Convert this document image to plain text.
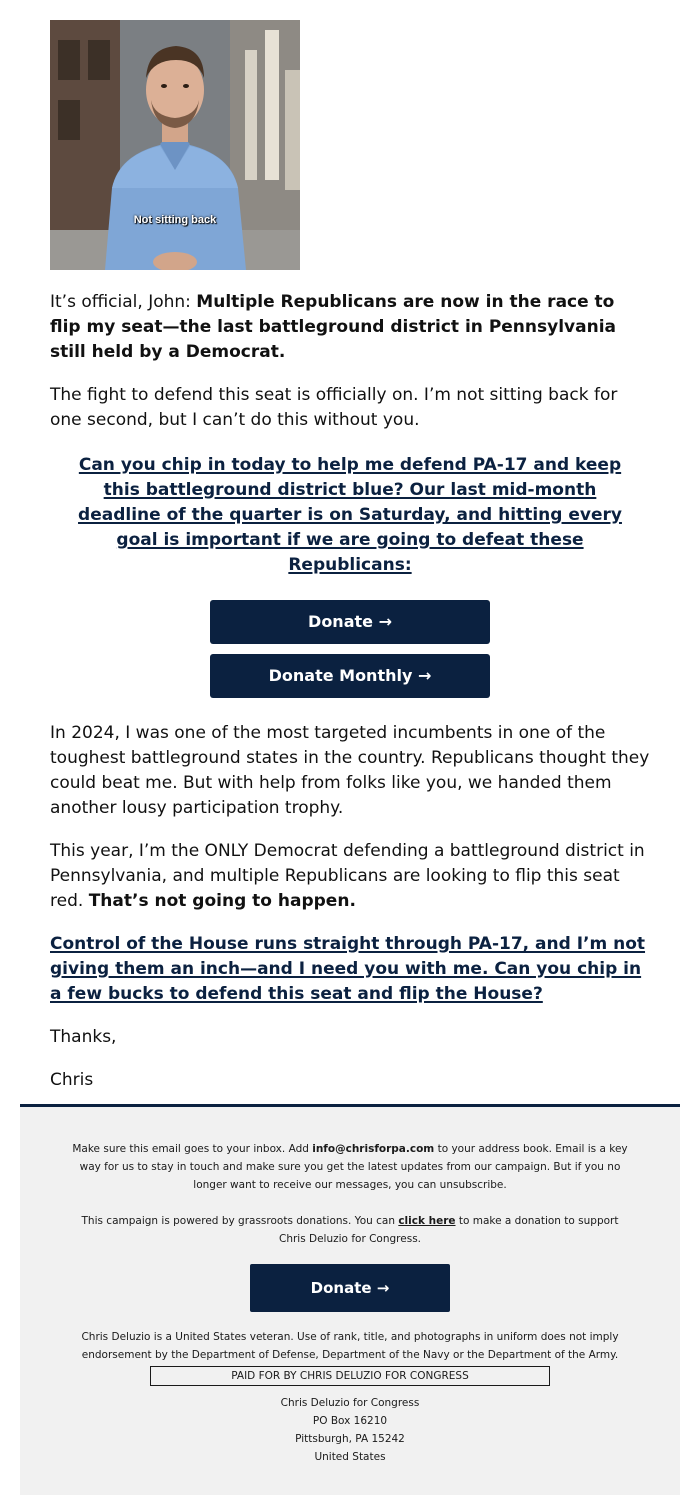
Not sitting back

It’s official, John: Multiple Republicans are now in the race to flip my seat—the last battleground district in Pennsylvania still held by a Democrat.

The fight to defend this seat is officially on. I’m not sitting back for one second, but I can’t do this without you.

Can you chip in today to help me defend PA-17 and keep this battleground district blue? Our last mid-month deadline of the quarter is on Saturday, and hitting every goal is important if we are going to defeat these Republicans:
Donate →
Donate Monthly →

In 2024, I was one of the most targeted incumbents in one of the toughest battleground states in the country. Republicans thought they could beat me. But with help from folks like you, we handed them another lousy participation trophy.

This year, I’m the ONLY Democrat defending a battleground district in Pennsylvania, and multiple Republicans are looking to flip this seat red. That’s not going to happen.

Control of the House runs straight through PA-17, and I’m not giving them an inch—and I need you with me. Can you chip in a few bucks to defend this seat and flip the House?

Thanks,

Chris

Make sure this email goes to your inbox. Add info@chrisforpa.com to your address book. Email is a key way for us to stay in touch and make sure you get the latest updates from our campaign. But if you no longer want to receive our messages, you can unsubscribe.
This campaign is powered by grassroots donations. You can click here to make a donation to support Chris Deluzio for Congress.
Donate →
Chris Deluzio is a United States veteran. Use of rank, title, and photographs in uniform does not imply endorsement by the Department of Defense, Department of the Navy or the Department of the Army.
PAID FOR BY CHRIS DELUZIO FOR CONGRESS
Chris Deluzio for Congress
PO Box 16210
Pittsburgh, PA 15242
United States
